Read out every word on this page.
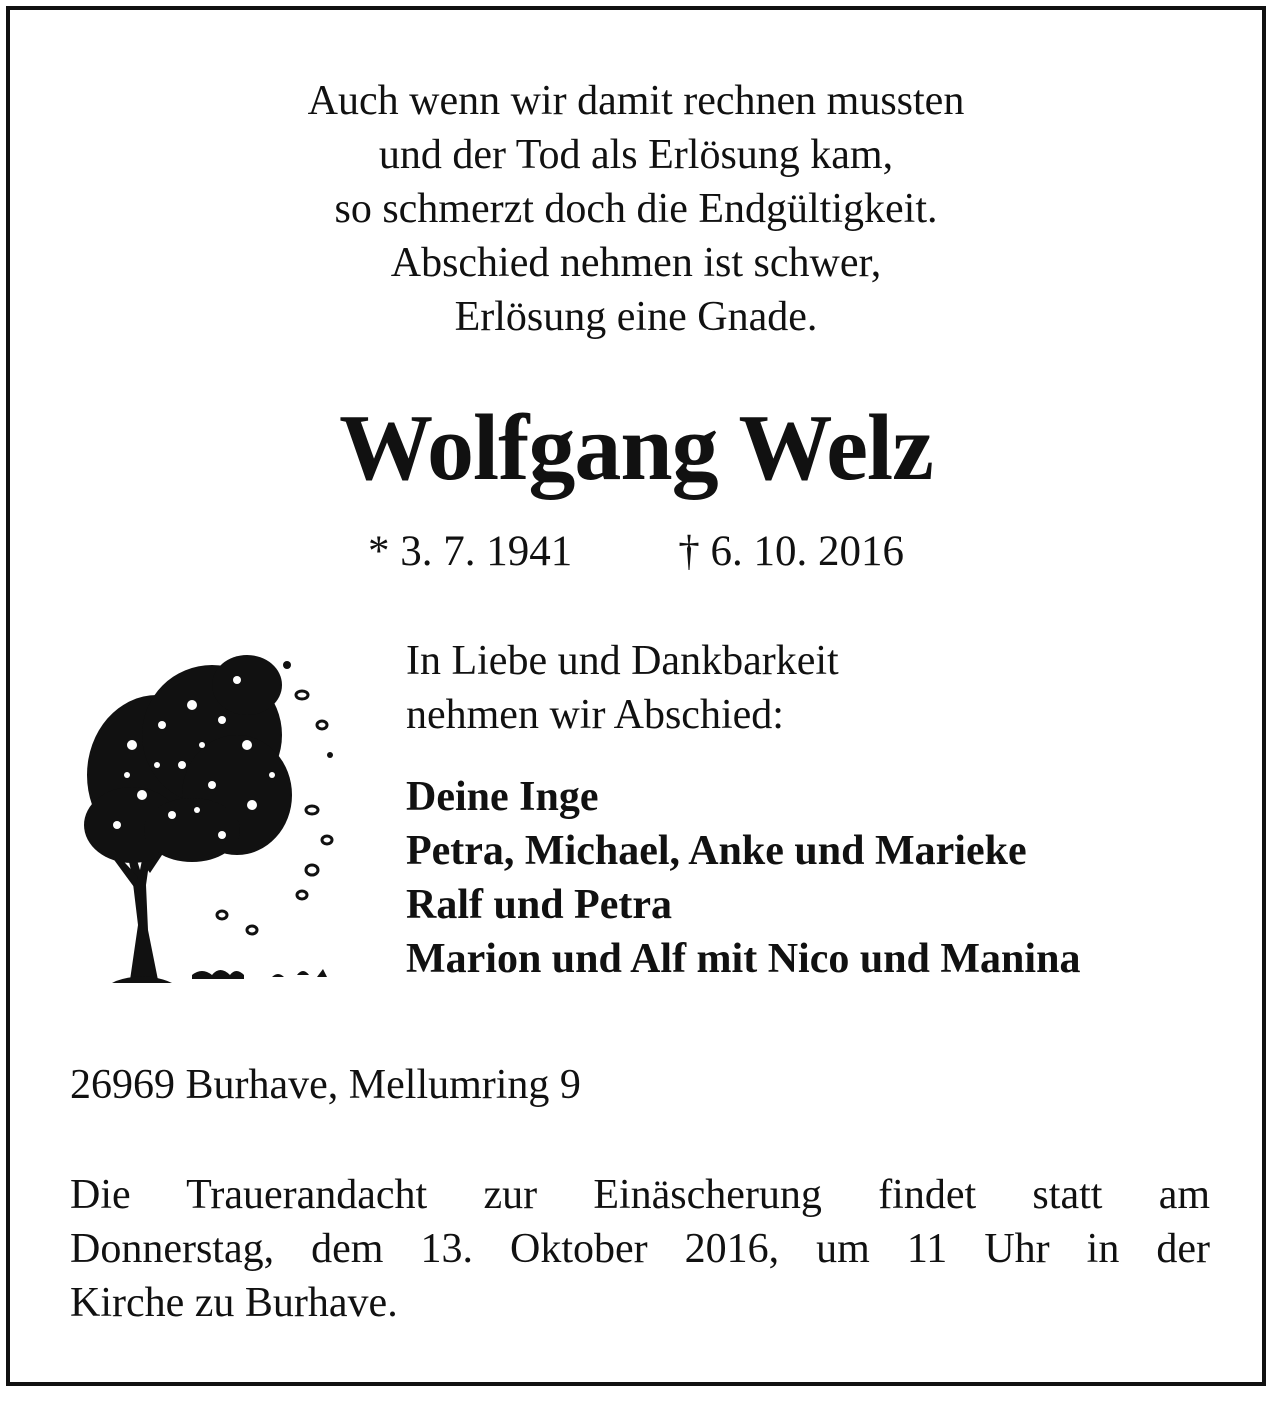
Auch wenn wir damit rechnen mussten
und der Tod als Erlösung kam,
so schmerzt doch die Endgültigkeit.
Abschied nehmen ist schwer,
Erlösung eine Gnade.
Wolfgang Welz
* 3. 7. 1941 † 6. 10. 2016
In Liebe und Dankbarkeit
nehmen wir Abschied:
Deine Inge
Petra, Michael, Anke und Marieke
Ralf und Petra
Marion und Alf mit Nico und Manina
26969 Burhave, Mellumring 9
Die Trauerandacht zur Einäscherung findet statt am
Donnerstag, dem 13. Oktober 2016, um 11 Uhr in der
Kirche zu Burhave.
